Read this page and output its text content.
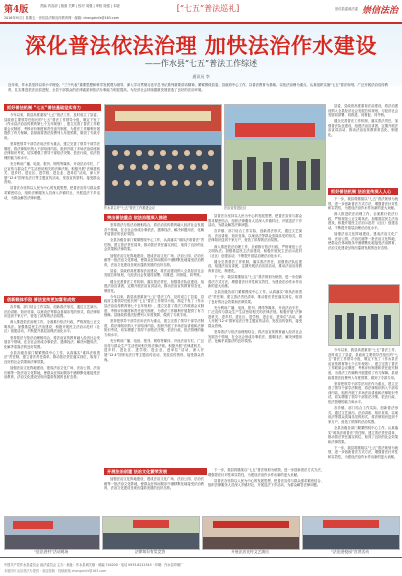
第4版	责编 内容部 | 版面 关辉 | 校对 周强 | 审校 周强 | 本版
2016年9月日 星期五 · 崇信县法制宣传教育网 · 邮箱: chongxinfz@163.com
[“七五”普法巡礼]	崇信县委政法委 崇信法治
深化普法依法治理 加快法治作水建设
——作水县“七五”普法工作综述
通讯员 李
近年来，作水县坚持以邓小平理论、“三个代表”重要思想和科学发展观为指导，深入学习贯彻习近平总书记系列重要讲话精神，紧紧围绕县委、县政府中心工作，以普法教育为基础，以依法治理为重点，认真组织实施“七五”普法规划，广泛开展法治宣传教育，扎实推进依法治县进程，全县干部群众的法律素质和依法办事能力明显提高，为经济社会持续健康发展营造了良好的法治环境。
抓好普法机制 “七五”普法基础坚实有力

今年以来，我县高度重视“七五”普法工作，及时成立了县委、县政府主要领导任组长的“七五”普法工作领导小组，制定下发了《作水县法治宣传教育第七个五年规划》，建立完善了普法工作联席会议制度、考核评价制度和责任追究制度，为普法工作顺利开展提供了有力保障。县财政将普法经费列入年度预算，做到了专款专用。

坚持把领导干部学法用法作为重点，建立完善了领导干部学法制度，将法律知识纳入干部培训内容，组织开展了多场法治讲座和法律知识考试，切实增强了领导干部依法决策、依法行政、依法管理的能力和水平。

充分利用广播、电视、报刊、网络等媒体，开设法治专栏，广泛宣传与群众生产生活密切相关的法律法规。积极开展“法律进机关、进乡村、进社区、进学校、进企业、进单位”活动，深入开展“12·4”国家宪法日等主题宣传活动，发放宣传资料，接受群众咨询。

县普法办坚持以人民为中心的发展思想，把普法宣传与群众需求紧密结合，组织法律服务人员深入乡镇村社，开展送法下乡活动，为群众解答法律问题。

创新载体手段 普法宣传更加富有成效

各乡镇、部门结合工作实际，创新普法形式，通过文艺演出、法治讲座、知识竞赛、以案说法等群众喜闻乐见的形式，将法律知识送到千家万户，营造了浓厚的法治氛围。

深入推进依法治理工作，全面推行依法行政，严格规范公正文明执法。加强基层民主法治建设，积极开展民主法治示范村（社区）创建活动，不断提升基层治理法治化水平。

坚持普法与依法治理相结合，将法治宣传教育融入经济社会发展各个领域，在全社会形成办事依法、遇事找法、解决问题用法、化解矛盾靠法的良好氛围。

全县各级各部门紧紧围绕中心工作，认真落实“谁执法谁普法”责任制，建立普法责任清单，推动普法责任落实到位，取得了良好的社会效果和法律效果。

加强法治文化阵地建设，建成法治文化广场、法治公园、法治长廊等一批法治文化阵地，使群众在休闲娱乐中潜移默化地接受法治教育，法治文化建设呈现出蓬勃发展的良好态势。

作水县召开“七五”普法工作推进会议	法治宣传进社区
突出普法重点 依法治理深入推进

坚持普法与依法治理相结合，将法治宣传教育融入经济社会发展各个领域，在全社会形成办事依法、遇事找法、解决问题用法、化解矛盾靠法的良好氛围。

全县各级各部门紧紧围绕中心工作，认真落实“谁执法谁普法”责任制，建立普法责任清单，推动普法责任落实到位，取得了良好的社会效果和法律效果。

加强法治文化阵地建设，建成法治文化广场、法治公园、法治长廊等一批法治文化阵地，使群众在休闲娱乐中潜移默化地接受法治教育，法治文化建设呈现出蓬勃发展的良好态势。

县委、县政府高度重视法治建设，将法治建设纳入全县经济社会发展总体规划，与经济社会发展同部署、同推进、同督促、同考核。

健全完善普法工作机制，落实普法责任，加强普法队伍建设，组建法治宣讲团，定期开展法治宣讲活动，推动法治宣传教育常态化、制度化。

今年以来，我县高度重视“七五”普法工作，及时成立了县委、县政府主要领导任组长的“七五”普法工作领导小组，制定下发了《作水县法治宣传教育第七个五年规划》，建立完善了普法工作联席会议制度、考核评价制度和责任追究制度，为普法工作顺利开展提供了有力保障。县财政将普法经费列入年度预算，做到了专款专用。

坚持把领导干部学法用法作为重点，建立完善了领导干部学法制度，将法律知识纳入干部培训内容，组织开展了多场法治讲座和法律知识考试，切实增强了领导干部依法决策、依法行政、依法管理的能力和水平。

充分利用广播、电视、报刊、网络等媒体，开设法治专栏，广泛宣传与群众生产生活密切相关的法律法规。积极开展“法律进机关、进乡村、进社区、进学校、进企业、进单位”活动，深入开展“12·4”国家宪法日等主题宣传活动，发放宣传资料，接受群众咨询。

县普法办坚持以人民为中心的发展思想，把普法宣传与群众需求紧密结合，组织法律服务人员深入乡镇村社，开展送法下乡活动，为群众解答法律问题。

各乡镇、部门结合工作实际，创新普法形式，通过文艺演出、法治讲座、知识竞赛、以案说法等群众喜闻乐见的形式，将法律知识送到千家万户，营造了浓厚的法治氛围。

深入推进依法治理工作，全面推行依法行政，严格规范公正文明执法。加强基层民主法治建设，积极开展民主法治示范村（社区）创建活动，不断提升基层治理法治化水平。

健全完善普法工作机制，落实普法责任，加强普法队伍建设，组建法治宣讲团，定期开展法治宣讲活动，推动法治宣传教育常态化、制度化。

下一步，我县将继续以“七五”普法规划为统领，进一步创新普法方式方法，增强普法针对性和实效性，为建设法治作水作出新的更大贡献。

全县各级各部门紧紧围绕中心工作，认真落实“谁执法谁普法”责任制，建立普法责任清单，推动普法责任落实到位，取得了良好的社会效果和法律效果。

充分利用广播、电视、报刊、网络等媒体，开设法治专栏，广泛宣传与群众生产生活密切相关的法律法规。积极开展“法律进机关、进乡村、进社区、进学校、进企业、进单位”活动，深入开展“12·4”国家宪法日等主题宣传活动，发放宣传资料，接受群众咨询。

坚持普法与依法治理相结合，将法治宣传教育融入经济社会发展各个领域，在全社会形成办事依法、遇事找法、解决问题用法、化解矛盾靠法的良好氛围。

县委、县政府高度重视法治建设，将法治建设纳入全县经济社会发展总体规划，与经济社会发展同部署、同推进、同督促、同考核。

健全完善普法工作机制，落实普法责任，加强普法队伍建设，组建法治宣讲团，定期开展法治宣讲活动，推动法治宣传教育常态化、制度化。

抓好普法机制 法治宣传深入人心

下一步，我县将继续以“七五”普法规划为统领，进一步创新普法方式方法，增强普法针对性和实效性，为建设法治作水作出新的更大贡献。

深入推进依法治理工作，全面推行依法行政，严格规范公正文明执法。加强基层民主法治建设，积极开展民主法治示范村（社区）创建活动，不断提升基层治理法治化水平。

加强法治文化阵地建设，建成法治文化广场、法治公园、法治长廊等一批法治文化阵地，使群众在休闲娱乐中潜移默化地接受法治教育，法治文化建设呈现出蓬勃发展的良好态势。

今年以来，我县高度重视“七五”普法工作，及时成立了县委、县政府主要领导任组长的“七五”普法工作领导小组，制定下发了《作水县法治宣传教育第七个五年规划》，建立完善了普法工作联席会议制度、考核评价制度和责任追究制度，为普法工作顺利开展提供了有力保障。县财政将普法经费列入年度预算，做到了专款专用。

坚持把领导干部学法用法作为重点，建立完善了领导干部学法制度，将法律知识纳入干部培训内容，组织开展了多场法治讲座和法律知识考试，切实增强了领导干部依法决策、依法行政、依法管理的能力和水平。

各乡镇、部门结合工作实际，创新普法形式，通过文艺演出、法治讲座、知识竞赛、以案说法等群众喜闻乐见的形式，将法律知识送到千家万户，营造了浓厚的法治氛围。

全县各级各部门紧紧围绕中心工作，认真落实“谁执法谁普法”责任制，建立普法责任清单，推动普法责任落实到位，取得了良好的社会效果和法律效果。

下一步，我县将继续以“七五”普法规划为统领，进一步创新普法方式方法，增强普法针对性和实效性，为建设法治作水作出新的更大贡献。

开展法治创建 法治文化繁荣发展

加强法治文化阵地建设，建成法治文化广场、法治公园、法治长廊等一批法治文化阵地，使群众在休闲娱乐中潜移默化地接受法治教育，法治文化建设呈现出蓬勃发展的良好态势。

下一步，我县将继续以“七五”普法规划为统领，进一步创新普法方式方法，增强普法针对性和实效性，为建设法治作水作出新的更大贡献。

县普法办坚持以人民为中心的发展思想，把普法宣传与群众需求紧密结合，组织法律服务人员深入乡镇村社，开展送法下乡活动，为群众解答法律问题。

“送法进村”活动现场	法律知识有奖竞答	开展法治宣传文艺演出	“法治进校园”宣讲活动
中国共产党作水县委员会 政法委员会 主办 · 地址：作水县城关镇 · 邮编 744200 · 电话 0933-8212345 · 印刷：作水县印刷厂
本版图片由县普法办提供 · 欢迎投稿 · 投稿邮箱 chongxinfz@163.com
